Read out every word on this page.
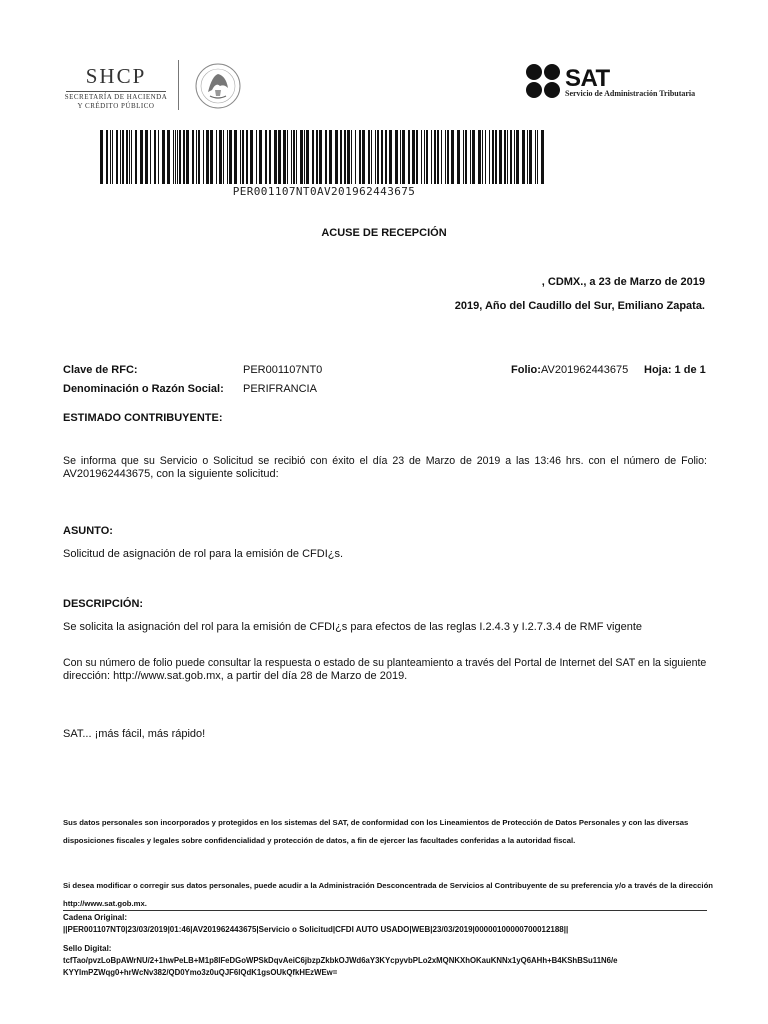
SHCP
SECRETARÍA DE HACIENDA
Y CRÉDITO PÚBLICO
SAT
Servicio de Administración Tributaria
PER001107NT0AV201962443675
ACUSE DE RECEPCIÓN
, CDMX., a 23 de Marzo de 2019
2019, Año del Caudillo del Sur, Emiliano Zapata.
Clave de RFC:	PER001107NT0	Folio: AV201962443675 Hoja: 1 de 1
Denominación o Razón Social: PERIFRANCIA
ESTIMADO CONTRIBUYENTE:
Se informa que su Servicio o Solicitud se recibió con éxito el día 23 de Marzo de 2019 a las 13:46 hrs. con el número de Folio:
AV201962443675, con la siguiente solicitud:
ASUNTO:
Solicitud de asignación de rol para la emisión de CFDI¿s.
DESCRIPCIÓN:
Se solicita la asignación del rol para la emisión de CFDI¿s para efectos de las reglas I.2.4.3 y I.2.7.3.4 de RMF vigente
Con su número de folio puede consultar la respuesta o estado de su planteamiento a través del Portal de Internet del SAT en la siguiente
dirección: http://www.sat.gob.mx, a partir del día 28 de Marzo de 2019.
SAT... ¡más fácil, más rápido!
Sus datos personales son incorporados y protegidos en los sistemas del SAT, de conformidad con los Lineamientos de Protección de Datos Personales y con las diversas
disposiciones fiscales y legales sobre confidencialidad y protección de datos, a fin de ejercer las facultades conferidas a la autoridad fiscal.
Si desea modificar o corregir sus datos personales, puede acudir a la Administración Desconcentrada de Servicios al Contribuyente de su preferencia y/o a través de la dirección
http://www.sat.gob.mx.
Cadena Original:
||PER001107NT0|23/03/2019|01:46|AV201962443675|Servicio o Solicitud|CFDI AUTO USADO|WEB|23/03/2019|00000100000700012188||
Sello Digital:
tcfTao/pvzLoBpAWrNU/2+1hwPeLB+M1p8lFeDGoWPSkDqvAeiC6jbzpZkbkOJWd6aY3KYcpyvbPLo2xMQNKXhOKauKNNx1yQ6AHh+B4KShBSu11N6/e
KYYlmPZWqg0+hrWcNv382/QD0Ymo3z0uQJF6lQdK1gsOUkQfkHEzWEw=
